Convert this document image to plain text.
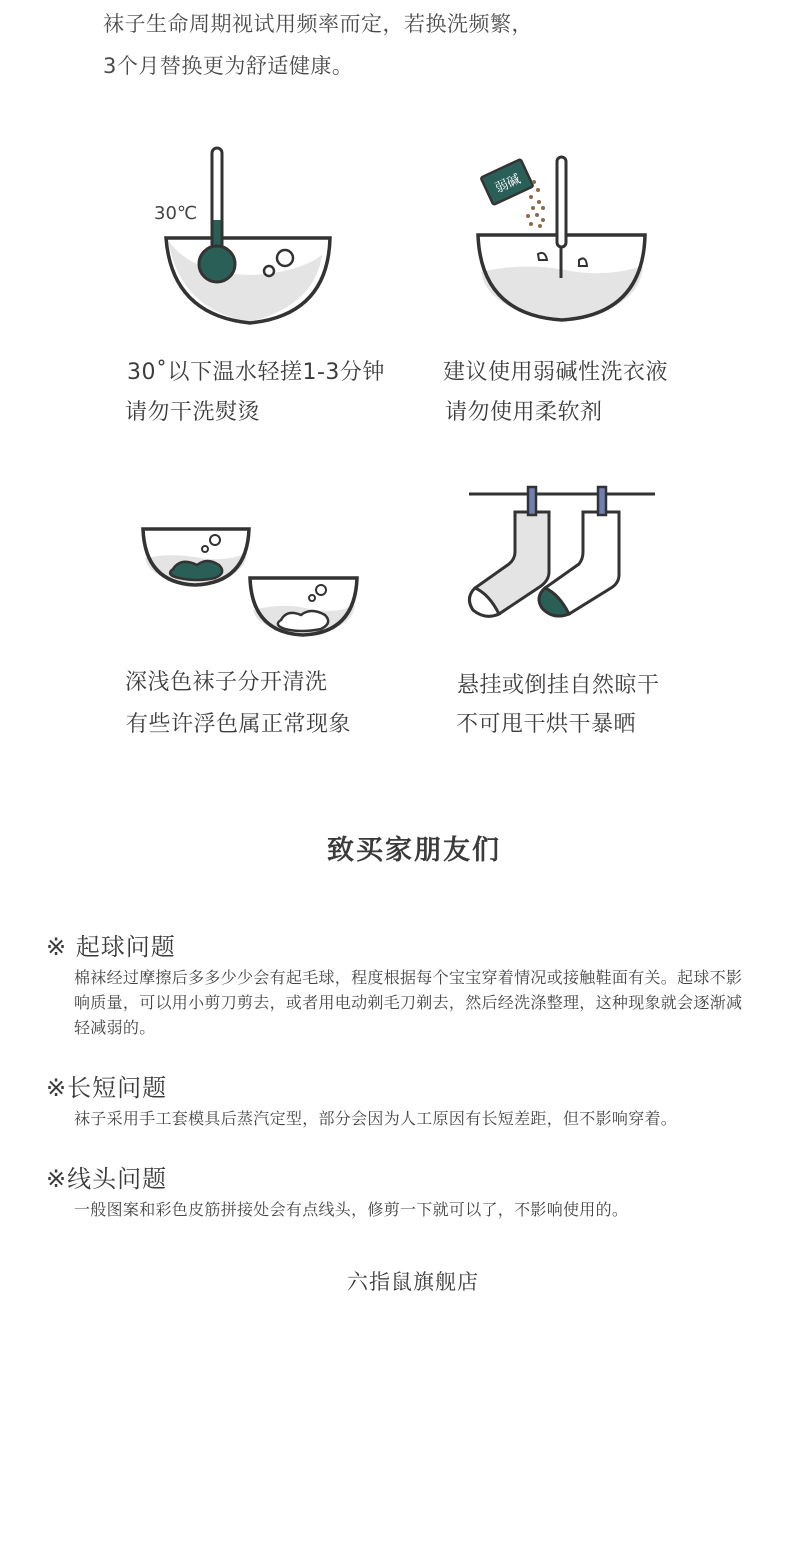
袜子生命周期视试用频率而定，若换洗频繁，
3个月替换更为舒适健康。
30℃
弱碱
30˚以下温水轻搓1-3分钟
请勿干洗熨烫
建议使用弱碱性洗衣液
请勿使用柔软剂
深浅色袜子分开清洗
有些许浮色属正常现象
悬挂或倒挂自然晾干
不可甩干烘干暴晒
致买家朋友们
※ 起球问题
棉袜经过摩擦后多多少少会有起毛球，程度根据每个宝宝穿着情况或接触鞋面有关。起球不影响质量，可以用小剪刀剪去，或者用电动剃毛刀剃去，然后经洗涤整理，这种现象就会逐渐减轻减弱的。
※长短问题
袜子采用手工套模具后蒸汽定型，部分会因为人工原因有长短差距，但不影响穿着。
※线头问题
一般图案和彩色皮筋拼接处会有点线头，修剪一下就可以了，不影响使用的。
六指鼠旗舰店
